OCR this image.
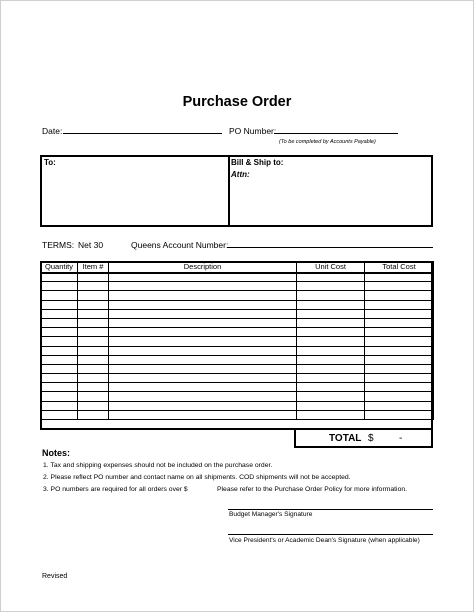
Purchase Order
Date:	PO Number:
(To be completed by Accounts Payable)
To:	Bill & Ship to:
Attn:
TERMS: Net 30	Queens Account Number:
Quantity	Item #	Description	Unit Cost	Total Cost

TOTAL $	-
Notes:
1. Tax and shipping expenses should not be included on the purchase order.
2. Please reflect PO number and contact name on all shipments. COD shipments will not be accepted.
3. PO numbers are required for all orders over $	Please refer to the Purchase Order Policy for more information.
Budget Manager's Signature
Vice President's or Academic Dean's Signature (when applicable)
Revised
